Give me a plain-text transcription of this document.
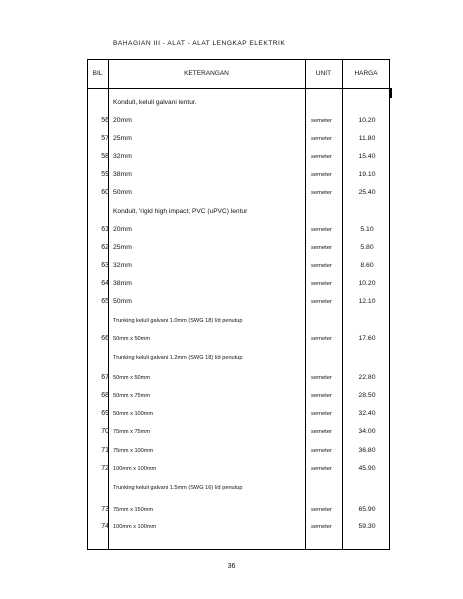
BAHAGIAN III - ALAT - ALAT LENGKAP ELEKTRIK
BIL	KETERANGAN	UNIT	HARGA
Konduit, keluli galvani lentur.
56 20mm	semeter	10.20
57 25mm	semeter	11.80
58 32mm	semeter	15.40
59 38mm	semeter	19.10
60 50mm	semeter	25.40
Konduit, 'rigid high impact; PVC (uPVC) lentur
61 20mm	semeter	5.10
62 25mm	semeter	5.80
63 32mm	semeter	8.60
64 38mm	semeter	10.20
65 50mm	semeter	12.10
Trunking keluli galvani 1.0mm (SWG 18) l/d penutup
66 50mm x 50mm	semeter	17.60
Trunking keluli galvani 1.2mm (SWG 18) l/d penutup
67 50mm x 50mm	semeter	22.80
68 50mm x 75mm	semeter	28.50
69 50mm x 100mm	semeter	32.40
70 75mm x 75mm	semeter	34.00
71 75mm x 100mm	semeter	36.80
72 100mm x 100mm	semeter	45.90
Trunking keluli galvani 1.5mm (SWG 16) l/d penutup
73 75mm x 150mm	semeter	65.90
74 100mm x 100mm	semeter	59.30
36
